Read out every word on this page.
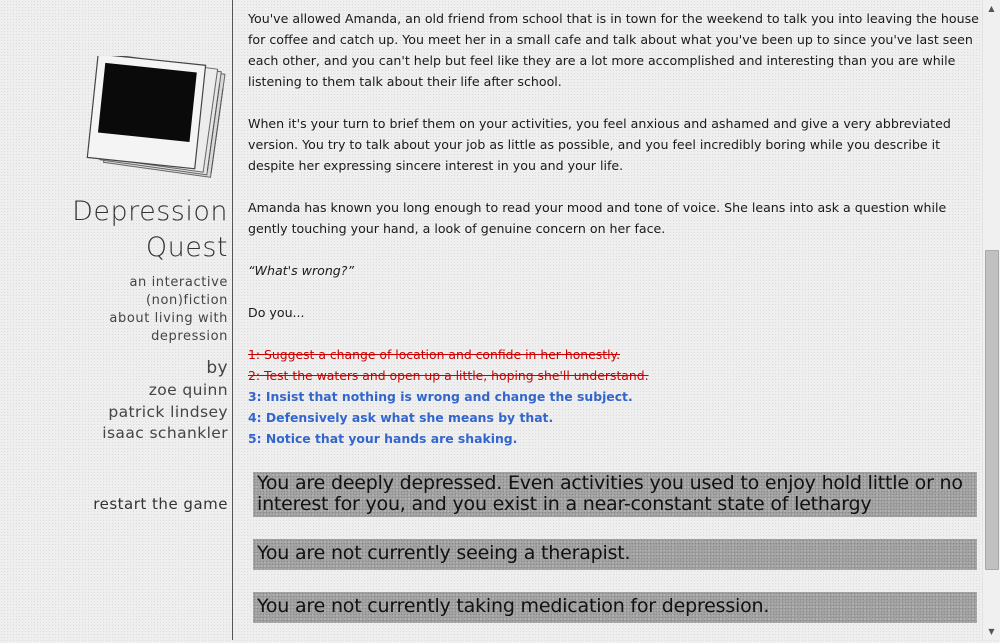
Depression
Quest
an interactive
(non)fiction
about living with
depression
by
zoe quinn
patrick lindsey
isaac schankler
restart the game

You've allowed Amanda, an old friend from school that is in town for the weekend to talk you into leaving the house for coffee and catch up. You meet her in a small cafe and talk about what you've been up to since you've last seen each other, and you can't help but feel like they are a lot more accomplished and interesting than you are while listening to them talk about their life after school.

When it's your turn to brief them on your activities, you feel anxious and ashamed and give a very abbreviated version. You try to talk about your job as little as possible, and you feel incredibly boring while you describe it despite her expressing sincere interest in you and your life.

Amanda has known you long enough to read your mood and tone of voice. She leans into ask a question while gently touching your hand, a look of genuine concern on her face.

“What's wrong?”

Do you...

1: Suggest a change of location and confide in her honestly.
2: Test the waters and open up a little, hoping she'll understand.
3: Insist that nothing is wrong and change the subject.
4: Defensively ask what she means by that.
5: Notice that your hands are shaking.
You are deeply depressed. Even activities you used to enjoy hold little or no interest for you, and you exist in a near-constant state of lethargy
You are not currently seeing a therapist.
You are not currently taking medication for depression.
▲
▼
